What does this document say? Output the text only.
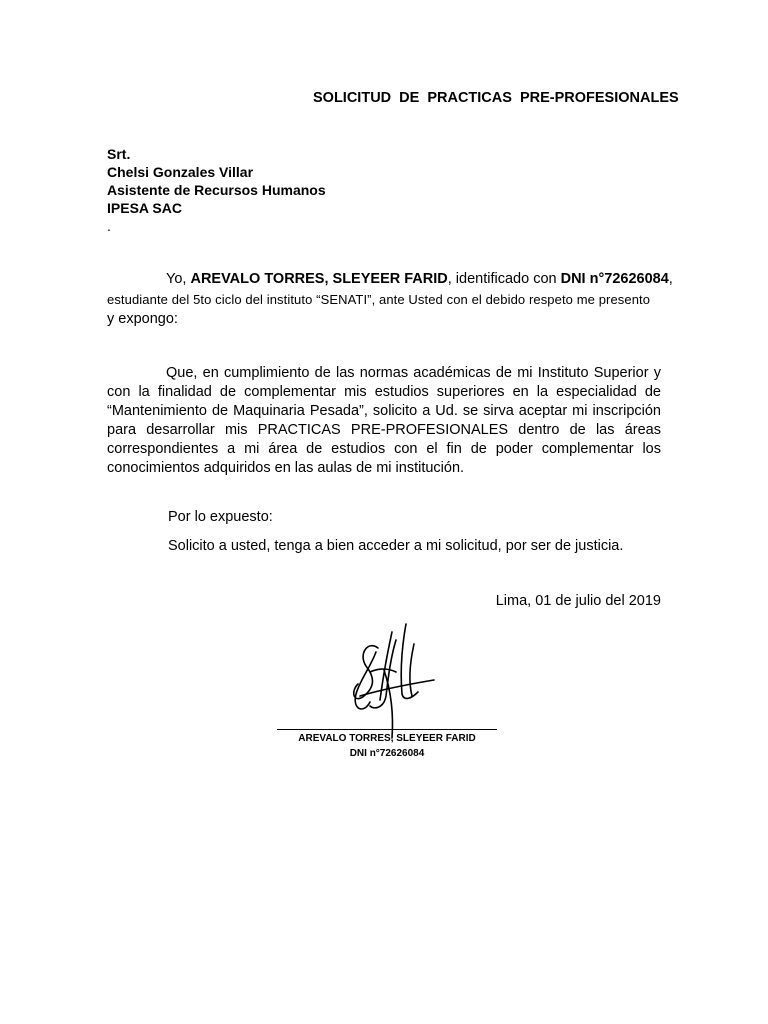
SOLICITUD DE PRACTICAS PRE-PROFESIONALES
Srt.
Chelsi Gonzales Villar
Asistente de Recursos Humanos
IPESA SAC
.
Yo, AREVALO TORRES, SLEYEER FARID, identificado con DNI n°72626084,
estudiante del 5to ciclo del instituto “SENATI”, ante Usted con el debido respeto me presento
y expongo:

Que, en cumplimiento de las normas académicas de mi Instituto Superior y con la finalidad de complementar mis estudios superiores en la especialidad de “Mantenimiento de Maquinaria Pesada”, solicito a Ud. se sirva aceptar mi inscripción para desarrollar mis PRACTICAS PRE-PROFESIONALES dentro de las áreas correspondientes a mi área de estudios con el fin de poder complementar los conocimientos adquiridos en las aulas de mi institución.

Por lo expuesto:
Solicito a usted, tenga a bien acceder a mi solicitud, por ser de justicia.
Lima, 01 de julio del 2019
AREVALO TORRES, SLEYEER FARID
DNI n°72626084
